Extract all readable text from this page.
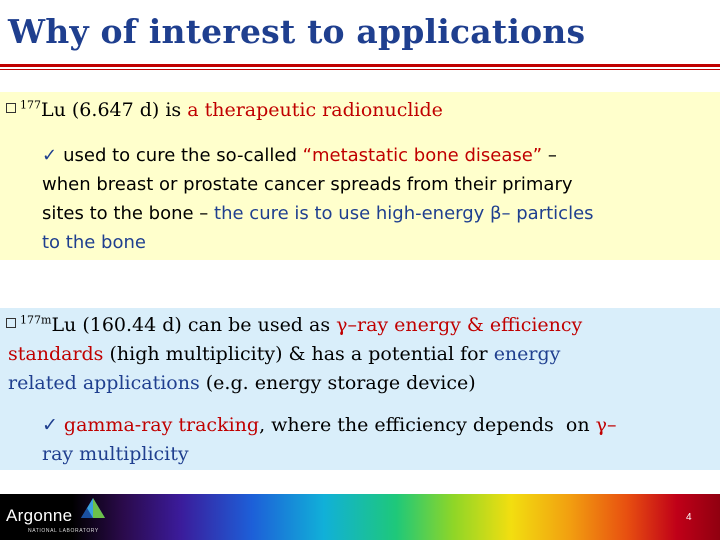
Why of interest to applications
$^{177}$Lu (6.647 d) is a therapeutic radionuclide
✓ used to cure the so-called “metastatic bone disease” –
when breast or prostate cancer spreads from their primary
sites to the bone – the cure is to use high-energy β– particles
to the bone
$^{177m}$Lu (160.44 d) can be used as γ–ray energy & efficiency
standards (high multiplicity) & has a potential for energy
related applications (e.g. energy storage device)
✓ gamma-ray tracking, where the efficiency depends  on γ–
ray multiplicity
Argonne
NATIONAL LABORATORY
4
